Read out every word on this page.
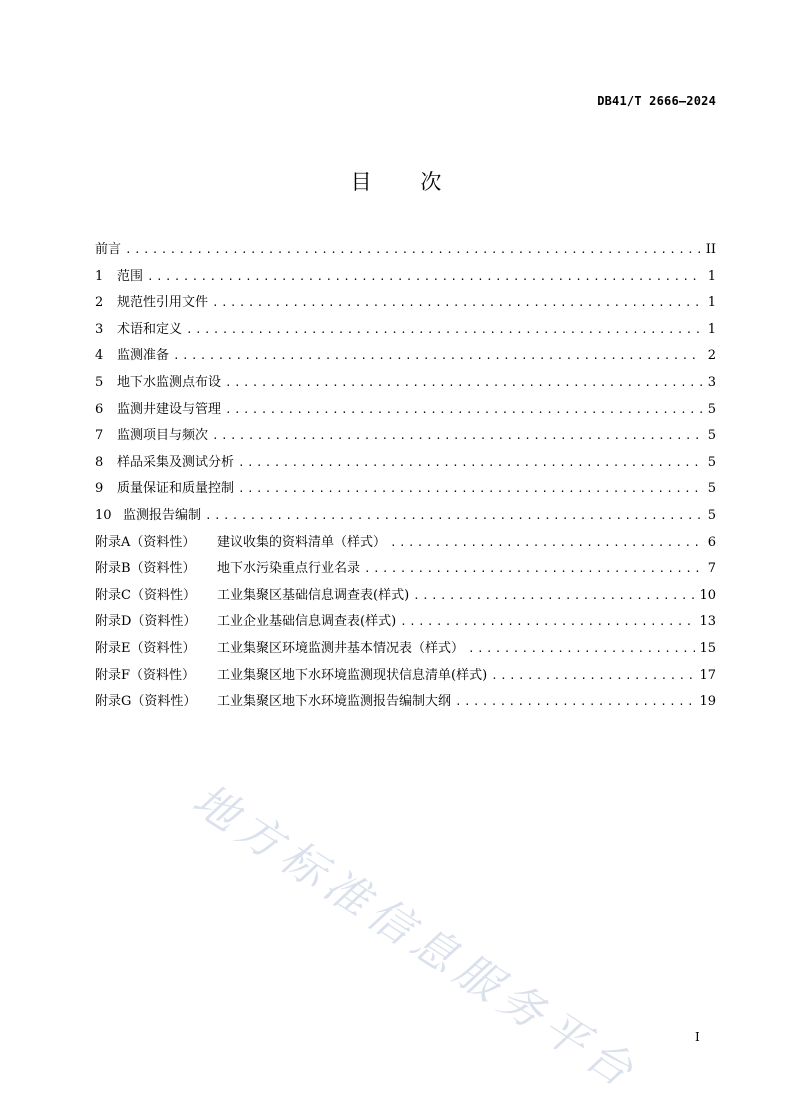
DB41/T 2666—2024
目 次
前言 .....	II
1	范围 .....	1
2	规范性引用文件 .....	1
3	术语和定义 .....	1
4	监测准备 .....	2
5	地下水监测点布设 .....	3
6	监测井建设与管理 .....	5
7	监测项目与频次 .....	5
8	样品采集及测试分析 .....	5
9	质量保证和质量控制 .....	5
10 监测报告编制 .....	5
附录A（资料性）	建议收集的资料清单（样式） .....	6
附录B（资料性）	地下水污染重点行业名录 .....	7
附录C（资料性）	工业集聚区基础信息调查表(样式) .....	10
附录D（资料性）	工业企业基础信息调查表(样式) .....	13
附录E（资料性）	工业集聚区环境监测井基本情况表（样式） .....	15
附录F（资料性）	工业集聚区地下水环境监测现状信息清单(样式) .....	17
附录G（资料性）	工业集聚区地下水环境监测报告编制大纲 .....	19
地方标准信息服务平台	I
